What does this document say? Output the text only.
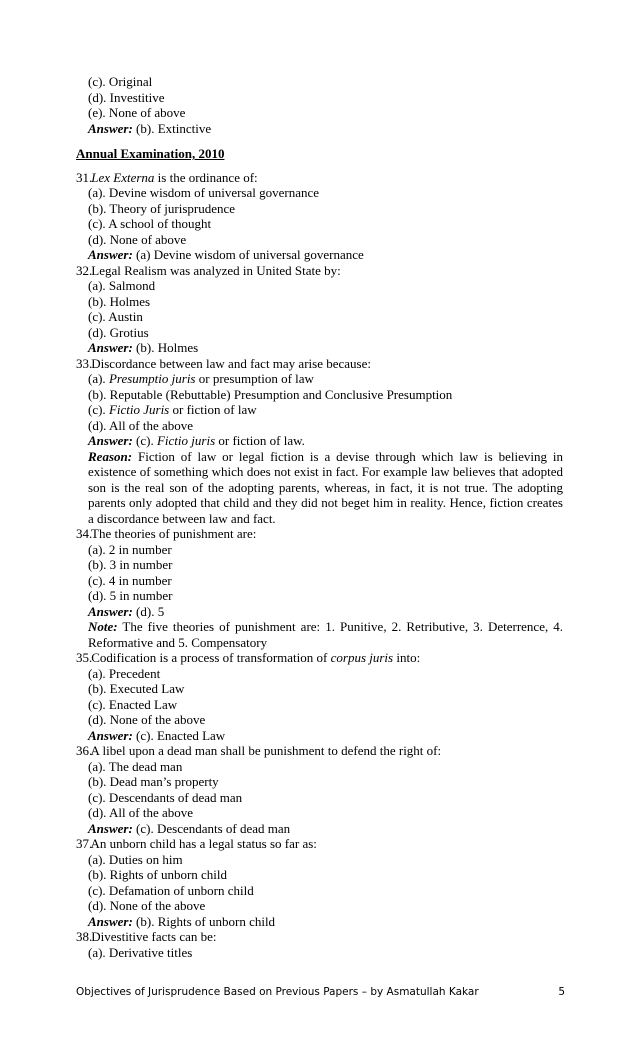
(c). Original
(d). Investitive
(e). None of above
Answer: (b). Extinctive
Annual Examination, 2010
31. Lex Externa is the ordinance of:
(a). Devine wisdom of universal governance
(b). Theory of jurisprudence
(c). A school of thought
(d). None of above
Answer: (a) Devine wisdom of universal governance
32. Legal Realism was analyzed in United State by:
(a). Salmond
(b). Holmes
(c). Austin
(d). Grotius
Answer: (b). Holmes
33. Discordance between law and fact may arise because:
(a). Presumptio juris or presumption of law
(b). Reputable (Rebuttable) Presumption and Conclusive Presumption
(c). Fictio Juris or fiction of law
(d). All of the above
Answer: (c). Fictio juris or fiction of law.
Reason: Fiction of law or legal fiction is a devise through which law is believing in existence of something which does not exist in fact. For example law believes that adopted son is the real son of the adopting parents, whereas, in fact, it is not true. The adopting parents only adopted that child and they did not beget him in reality. Hence, fiction creates a discordance between law and fact.
34. The theories of punishment are:
(a). 2 in number
(b). 3 in number
(c). 4 in number
(d). 5 in number
Answer: (d). 5
Note: The five theories of punishment are: 1. Punitive, 2. Retributive, 3. Deterrence, 4. Reformative and 5. Compensatory
35. Codification is a process of transformation of corpus juris into:
(a). Precedent
(b). Executed Law
(c). Enacted Law
(d). None of the above
Answer: (c). Enacted Law
36. A libel upon a dead man shall be punishment to defend the right of:
(a). The dead man
(b). Dead man’s property
(c). Descendants of dead man
(d). All of the above
Answer: (c). Descendants of dead man
37. An unborn child has a legal status so far as:
(a). Duties on him
(b). Rights of unborn child
(c). Defamation of unborn child
(d). None of the above
Answer: (b). Rights of unborn child
38. Divestitive facts can be:
(a). Derivative titles
Objectives of Jurisprudence Based on Previous Papers – by Asmatullah Kakar	5
